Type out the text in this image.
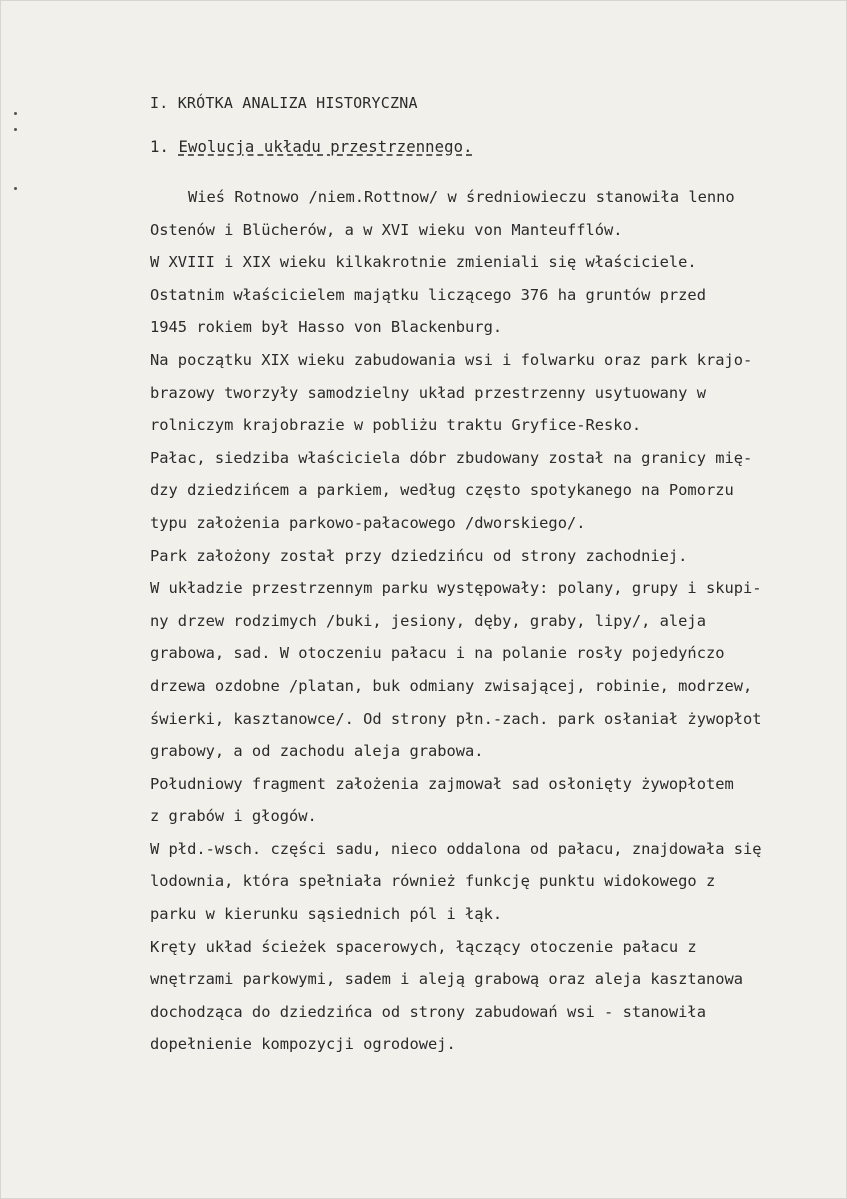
I. KRÓTKA ANALIZA HISTORYCZNA
1. Ewolucja układu przestrzennego.
Wieś Rotnowo /niem.Rottnow/ w średniowieczu stanowiła lenno
Ostenów i Blücherów, a w XVI wieku von Manteufflów.
W XVIII i XIX wieku kilkakrotnie zmieniali się właściciele.
Ostatnim właścicielem majątku liczącego 376 ha gruntów przed
1945 rokiem był Hasso von Blackenburg.
Na początku XIX wieku zabudowania wsi i folwarku oraz park krajo-
brazowy tworzyły samodzielny układ przestrzenny usytuowany w
rolniczym krajobrazie w pobliżu traktu Gryfice-Resko.
Pałac, siedziba właściciela dóbr zbudowany został na granicy mię-
dzy dziedzińcem a parkiem, według często spotykanego na Pomorzu
typu założenia parkowo-pałacowego /dworskiego/.
Park założony został przy dziedzińcu od strony zachodniej.
W układzie przestrzennym parku występowały: polany, grupy i skupi-
ny drzew rodzimych /buki, jesiony, dęby, graby, lipy/, aleja
grabowa, sad. W otoczeniu pałacu i na polanie rosły pojedyńczo
drzewa ozdobne /platan, buk odmiany zwisającej, robinie, modrzew,
świerki, kasztanowce/. Od strony płn.-zach. park osłaniał żywopłot
grabowy, a od zachodu aleja grabowa.
Południowy fragment założenia zajmował sad osłonięty żywopłotem
z grabów i głogów.
W płd.-wsch. części sadu, nieco oddalona od pałacu, znajdowała się
lodownia, która spełniała również funkcję punktu widokowego z
parku w kierunku sąsiednich pól i łąk.
Kręty układ ścieżek spacerowych, łączący otoczenie pałacu z
wnętrzami parkowymi, sadem i aleją grabową oraz aleja kasztanowa
dochodząca do dziedzińca od strony zabudowań wsi - stanowiła
dopełnienie kompozycji ogrodowej.
